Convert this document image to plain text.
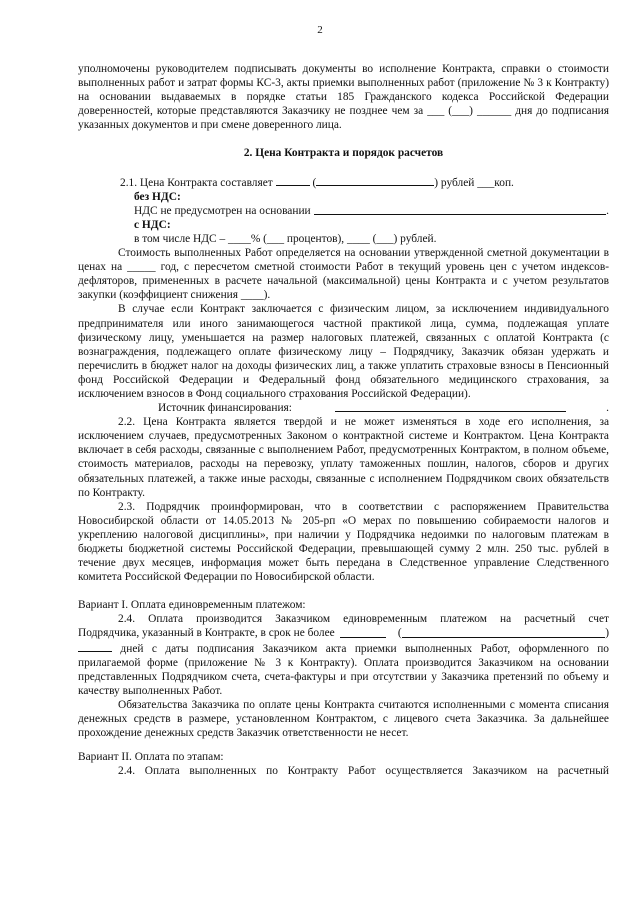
2

уполномочены руководителем подписывать документы во исполнение Контракта, справки о стоимости выполненных работ и затрат формы КС-3, акты приемки выполненных работ (приложение № 3 к Контракту) на основании выдаваемых в порядке статьи 185 Гражданского кодекса Российской Федерации доверенностей, которые представляются Заказчику не позднее чем за ___ (___) ______ дня до подписания указанных документов и при смене доверенного лица.

2. Цена Контракта и порядок расчетов

2.1. Цена Контракта составляет	(	) рублей ___коп.
без НДС:
НДС не предусмотрен на основании
	.
с НДС:
в том числе НДС – ____% (___ процентов), ____ (___) рублей.

Стоимость выполненных Работ определяется на основании утвержденной сметной документации в ценах на _____ год, с пересчетом сметной стоимости Работ в текущий уровень цен с учетом индексов-дефляторов, примененных в расчете начальной (максимальной) цены Контракта и с учетом результатов закупки (коэффициент снижения ____).

В случае если Контракт заключается с физическим лицом, за исключением индивидуального предпринимателя или иного занимающегося частной практикой лица, сумма, подлежащая уплате физическому лицу, уменьшается на размер налоговых платежей, связанных с оплатой Контракта (с вознаграждения, подлежащего оплате физическому лицу – Подрядчику, Заказчик обязан удержать и перечислить в бюджет налог на доходы физических лиц, а также уплатить страховые взносы в Пенсионный фонд Российской Федерации и Федеральный фонд обязательного медицинского страхования, за исключением взносов в Фонд социального страхования Российской Федерации).

Источник финансирования:
	.

2.2. Цена Контракта является твердой и не может изменяться в ходе его исполнения, за исключением случаев, предусмотренных Законом о контрактной системе и Контрактом. Цена Контракта включает в себя расходы, связанные с выполнением Работ, предусмотренных Контрактом, в полном объеме, стоимость материалов, расходы на перевозку, уплату таможенных пошлин, налогов, сборов и других обязательных платежей, а также иные расходы, связанные с исполнением Подрядчиком своих обязательств по Контракту.

2.3. Подрядчик проинформирован, что в соответствии с распоряжением Правительства Новосибирской области от 14.05.2013 № 205-рп «О мерах по повышению собираемости налогов и укреплению налоговой дисциплины», при наличии у Подрядчика недоимки по налоговым платежам в бюджеты бюджетной системы Российской Федерации, превышающей сумму 2 млн. 250 тыс. рублей в течение двух месяцев, информация может быть передана в Следственное управление Следственного комитета Российской Федерации по Новосибирской области.

Вариант I. Оплата единовременным платежом:

2.4. Оплата производится Заказчиком единовременным платежом на расчетный счет
Подрядчика, указанный в Контракте, в срок не более

	(	)

дней с даты подписания Заказчиком акта приемки выполненных Работ, оформленного по прилагаемой форме (приложение № 3 к Контракту). Оплата производится Заказчиком на основании представленных Подрядчиком счета, счета-фактуры и при отсутствии у Заказчика претензий по объему и качеству выполненных Работ.

Обязательства Заказчика по оплате цены Контракта считаются исполненными с момента списания денежных средств в размере, установленном Контрактом, с лицевого счета Заказчика. За дальнейшее прохождение денежных средств Заказчик ответственности не несет.

Вариант II. Оплата по этапам:

2.4. Оплата выполненных по Контракту Работ осуществляется Заказчиком на расчетный
